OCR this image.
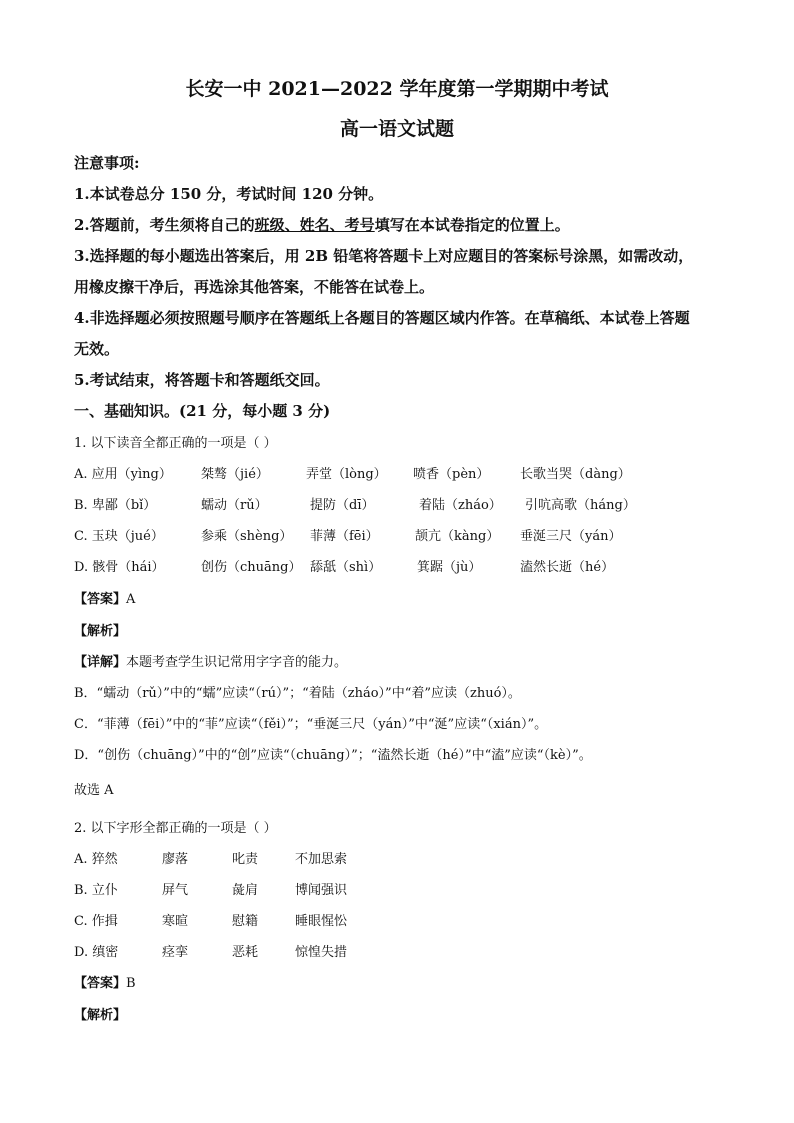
长安一中 2021—2022 学年度第一学期期中考试
高一语文试题
注意事项:
1.本试卷总分 150 分，考试时间 120 分钟。
2.答题前，考生须将自己的班级、姓名、考号填写在本试卷指定的位置上。
3.选择题的每小题选出答案后，用 2B 铅笔将答题卡上对应题目的答案标号涂黑，如需改动，
用橡皮擦干净后，再选涂其他答案，不能答在试卷上。
4.非选择题必须按照题号顺序在答题纸上各题目的答题区域内作答。在草稿纸、本试卷上答题
无效。
5.考试结束，将答题卡和答题纸交回。
一、基础知识。(21 分，每小题 3 分)
1. 以下读音全都正确的一项是（ ）
A. 应用（yìng） 桀骜（jié）	弄堂（lòng） 喷香（pèn） 长歌当哭（dàng）
B. 卑鄙（bǐ）	蠕动（rǔ）	提防（dī）	着陆（zháo） 引吭高歌（háng）
C. 玉玦（jué）	参乘（shèng） 菲薄（fēi）	颉亢（kàng） 垂涎三尺（yán）
D. 骸骨（hái）	创伤（chuāng） 舔舐（shì）	箕踞（jù）	溘然长逝（hé）
【答案】A
【解析】
【详解】本题考查学生识记常用字字音的能力。
B．“蠕动（rǔ）”中的“蠕”应读“（rú）”；“着陆（zháo）”中“着”应读（zhuó）。
C．“菲薄（fēi）”中的“菲”应读“（fěi）”；“垂涎三尺（yán）”中“涎”应读“（xián）”。
D．“创伤（chuāng）”中的“创”应读“（chuāng）”；“溘然长逝（hé）”中“溘”应读“（kè）”。
故选 A
2. 以下字形全都正确的一项是（ ）
A. 猝然	廖落	叱责	不加思索
B. 立仆	屏气	彘肩	博闻强识
C. 作揖	寒暄	慰籍	睡眼惺忪
D. 缜密	痉挛	恶耗	惊惶失措
【答案】B
【解析】
